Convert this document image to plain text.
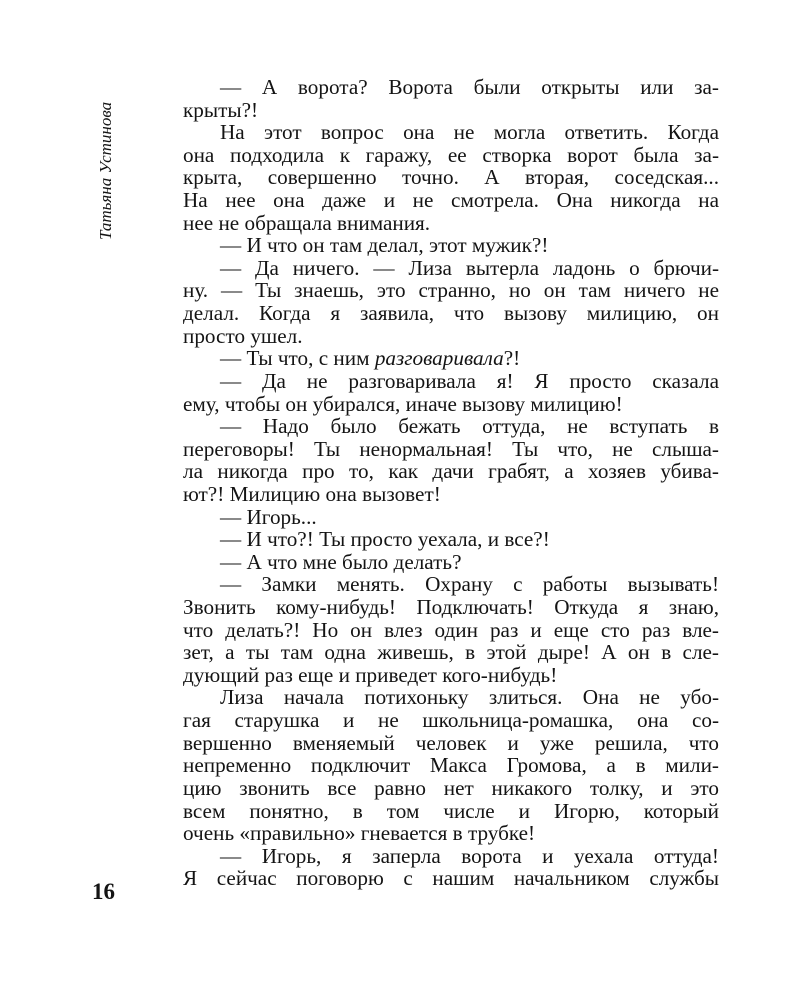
Татьяна Устинова
— А ворота? Ворота были открыты или за-
крыты?!
На этот вопрос она не могла ответить. Когда
она подходила к гаражу, ее створка ворот была за-
крыта, совершенно точно. А вторая, соседская...
На нее она даже и не смотрела. Она никогда на
нее не обращала внимания.
— И что он там делал, этот мужик?!
— Да ничего. — Лиза вытерла ладонь о брючи-
ну. — Ты знаешь, это странно, но он там ничего не
делал. Когда я заявила, что вызову милицию, он
просто ушел.
— Ты что, с ним разговаривала?!
— Да не разговаривала я! Я просто сказала
ему, чтобы он убирался, иначе вызову милицию!
— Надо было бежать оттуда, не вступать в
переговоры! Ты ненормальная! Ты что, не слыша-
ла никогда про то, как дачи грабят, а хозяев убива-
ют?! Милицию она вызовет!
— Игорь...
— И что?! Ты просто уехала, и все?!
— А что мне было делать?
— Замки менять. Охрану с работы вызывать!
Звонить кому-нибудь! Подключать! Откуда я знаю,
что делать?! Но он влез один раз и еще сто раз вле-
зет, а ты там одна живешь, в этой дыре! А он в сле-
дующий раз еще и приведет кого-нибудь!
Лиза начала потихоньку злиться. Она не убо-
гая старушка и не школьница-ромашка, она со-
вершенно вменяемый человек и уже решила, что
непременно подключит Макса Громова, а в мили-
цию звонить все равно нет никакого толку, и это
всем понятно, в том числе и Игорю, который
очень «правильно» гневается в трубке!
— Игорь, я заперла ворота и уехала оттуда!
Я сейчас поговорю с нашим начальником службы
16
